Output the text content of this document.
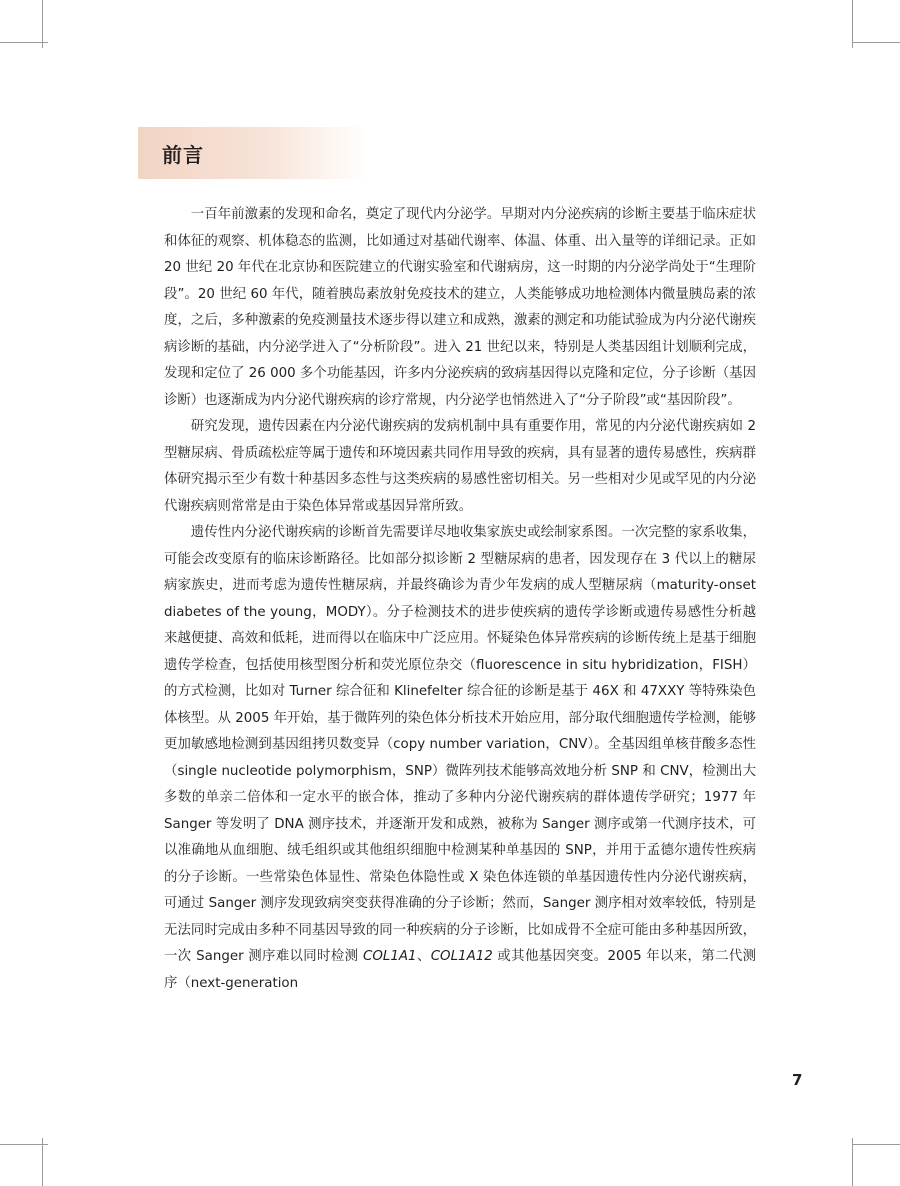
前言

一百年前激素的发现和命名，奠定了现代内分泌学。早期对内分泌疾病的诊断主要基于临床症状和体征的观察、机体稳态的监测，比如通过对基础代谢率、体温、体重、出入量等的详细记录。正如 20 世纪 20 年代在北京协和医院建立的代谢实验室和代谢病房，这一时期的内分泌学尚处于“生理阶段”。20 世纪 60 年代，随着胰岛素放射免疫技术的建立，人类能够成功地检测体内微量胰岛素的浓度，之后，多种激素的免疫测量技术逐步得以建立和成熟，激素的测定和功能试验成为内分泌代谢疾病诊断的基础，内分泌学进入了“分析阶段”。进入 21 世纪以来，特别是人类基因组计划顺利完成，发现和定位了 26 000 多个功能基因，许多内分泌疾病的致病基因得以克隆和定位，分子诊断（基因诊断）也逐渐成为内分泌代谢疾病的诊疗常规，内分泌学也悄然进入了“分子阶段”或“基因阶段”。

研究发现，遗传因素在内分泌代谢疾病的发病机制中具有重要作用，常见的内分泌代谢疾病如 2 型糖尿病、骨质疏松症等属于遗传和环境因素共同作用导致的疾病，具有显著的遗传易感性，疾病群体研究揭示至少有数十种基因多态性与这类疾病的易感性密切相关。另一些相对少见或罕见的内分泌代谢疾病则常常是由于染色体异常或基因异常所致。

遗传性内分泌代谢疾病的诊断首先需要详尽地收集家族史或绘制家系图。一次完整的家系收集，可能会改变原有的临床诊断路径。比如部分拟诊断 2 型糖尿病的患者，因发现存在 3 代以上的糖尿病家族史，进而考虑为遗传性糖尿病，并最终确诊为青少年发病的成人型糖尿病（maturity-onset diabetes of the young，MODY）。分子检测技术的进步使疾病的遗传学诊断或遗传易感性分析越来越便捷、高效和低耗，进而得以在临床中广泛应用。怀疑染色体异常疾病的诊断传统上是基于细胞遗传学检查，包括使用核型图分析和荧光原位杂交（fluorescence in situ hybridization，FISH）的方式检测，比如对 Turner 综合征和 Klinefelter 综合征的诊断是基于 46X 和 47XXY 等特殊染色体核型。从 2005 年开始，基于微阵列的染色体分析技术开始应用，部分取代细胞遗传学检测，能够更加敏感地检测到基因组拷贝数变异（copy number variation，CNV）。全基因组单核苷酸多态性（single nucleotide polymorphism，SNP）微阵列技术能够高效地分析 SNP 和 CNV，检测出大多数的单亲二倍体和一定水平的嵌合体，推动了多种内分泌代谢疾病的群体遗传学研究；1977 年 Sanger 等发明了 DNA 测序技术，并逐渐开发和成熟，被称为 Sanger 测序或第一代测序技术，可以准确地从血细胞、绒毛组织或其他组织细胞中检测某种单基因的 SNP，并用于孟德尔遗传性疾病的分子诊断。一些常染色体显性、常染色体隐性或 X 染色体连锁的单基因遗传性内分泌代谢疾病，可通过 Sanger 测序发现致病突变获得准确的分子诊断；然而，Sanger 测序相对效率较低，特别是无法同时完成由多种不同基因导致的同一种疾病的分子诊断，比如成骨不全症可能由多种基因所致，一次 Sanger 测序难以同时检测 COL1A1、COL1A12 或其他基因突变。2005 年以来，第二代测序（next-generation

7
